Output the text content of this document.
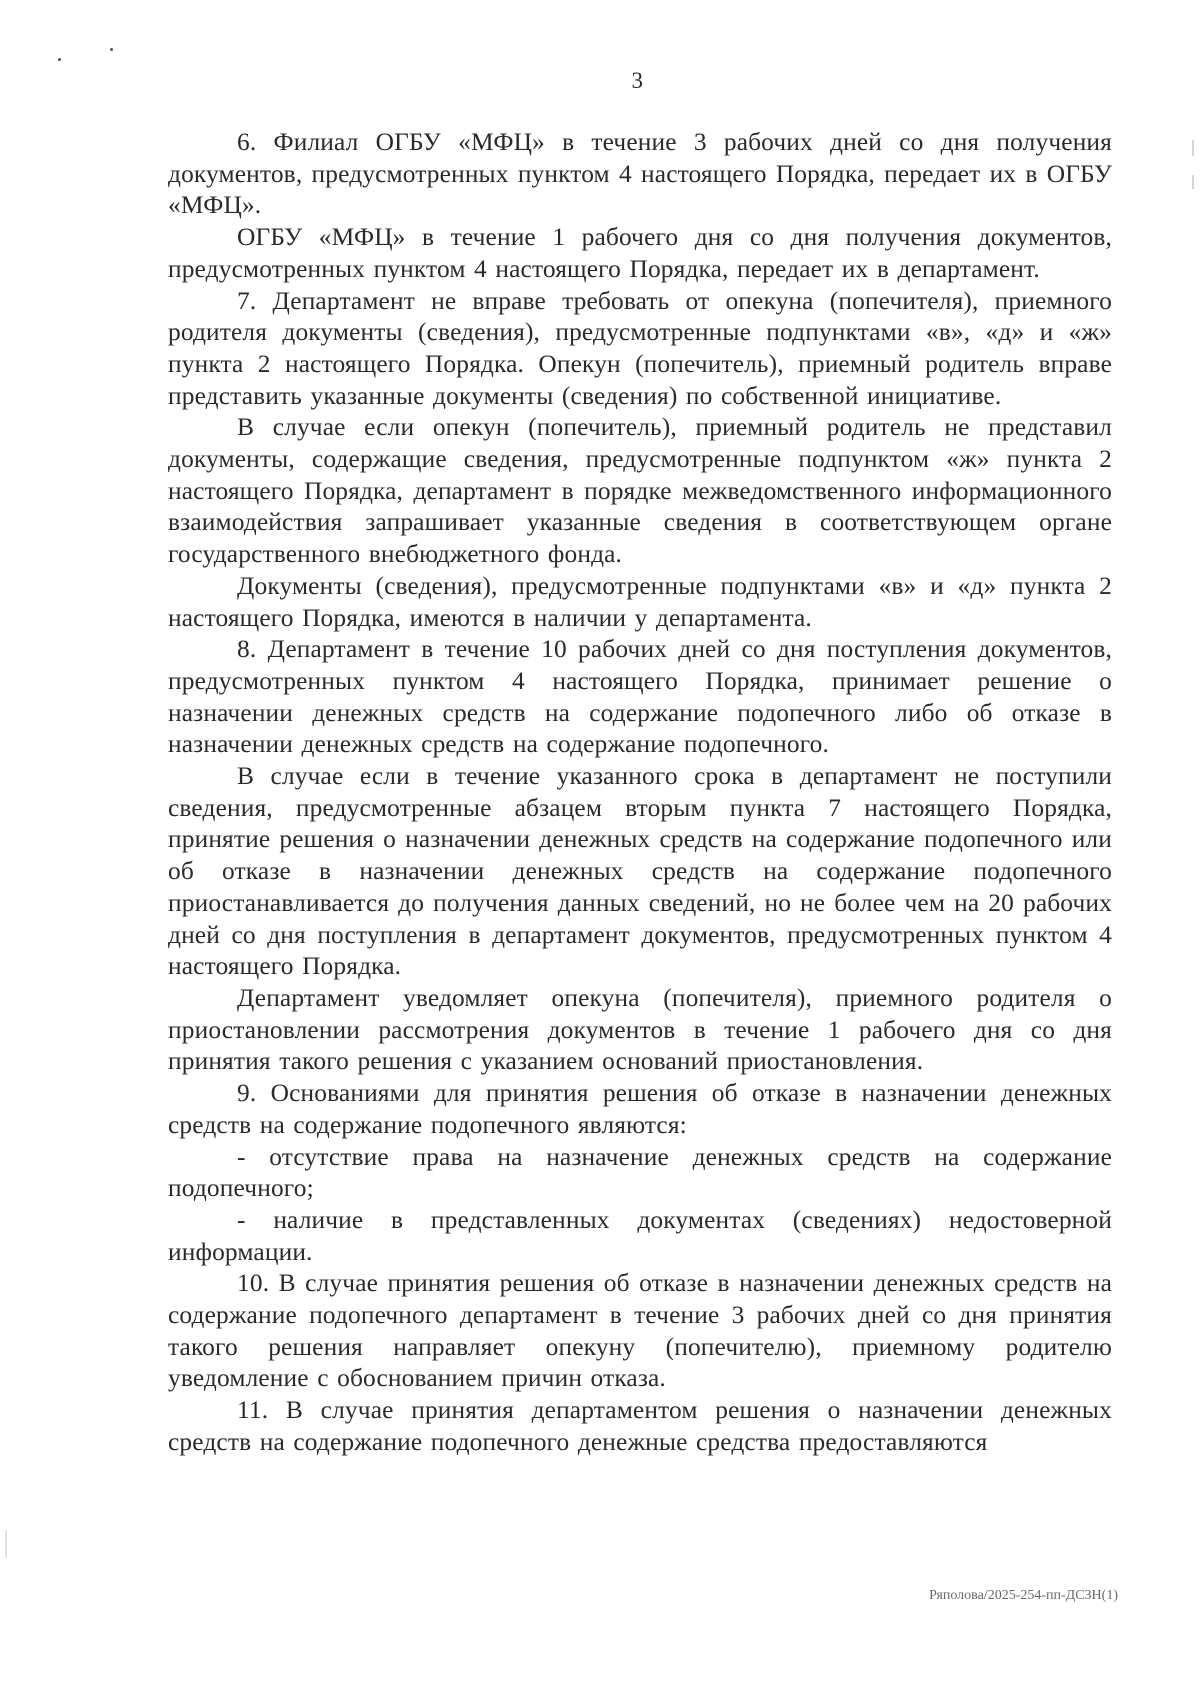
3

6. Филиал ОГБУ «МФЦ» в течение 3 рабочих дней со дня получения документов, предусмотренных пунктом 4 настоящего Порядка, передает их в ОГБУ «МФЦ».

ОГБУ «МФЦ» в течение 1 рабочего дня со дня получения документов, предусмотренных пунктом 4 настоящего Порядка, передает их в департамент.

7. Департамент не вправе требовать от опекуна (попечителя), приемного родителя документы (сведения), предусмотренные подпунктами «в», «д» и «ж» пункта 2 настоящего Порядка. Опекун (попечитель), приемный родитель вправе представить указанные документы (сведения) по собственной инициативе.

В случае если опекун (попечитель), приемный родитель не представил документы, содержащие сведения, предусмотренные подпунктом «ж» пункта 2 настоящего Порядка, департамент в порядке межведомственного информационного взаимодействия запрашивает указанные сведения в соответствующем органе государственного внебюджетного фонда.

Документы (сведения), предусмотренные подпунктами «в» и «д» пункта 2 настоящего Порядка, имеются в наличии у департамента.

8. Департамент в течение 10 рабочих дней со дня поступления документов, предусмотренных пунктом 4 настоящего Порядка, принимает решение о назначении денежных средств на содержание подопечного либо об отказе в назначении денежных средств на содержание подопечного.

В случае если в течение указанного срока в департамент не поступили сведения, предусмотренные абзацем вторым пункта 7 настоящего Порядка, принятие решения о назначении денежных средств на содержание подопечного или об отказе в назначении денежных средств на содержание подопечного приостанавливается до получения данных сведений, но не более чем на 20 рабочих дней со дня поступления в департамент документов, предусмотренных пунктом 4 настоящего Порядка.

Департамент уведомляет опекуна (попечителя), приемного родителя о приостановлении рассмотрения документов в течение 1 рабочего дня со дня принятия такого решения с указанием оснований приостановления.

9. Основаниями для принятия решения об отказе в назначении денежных средств на содержание подопечного являются:

- отсутствие права на назначение денежных средств на содержание подопечного;

- наличие в представленных документах (сведениях) недостоверной информации.

10. В случае принятия решения об отказе в назначении денежных средств на содержание подопечного департамент в течение 3 рабочих дней со дня принятия такого решения направляет опекуну (попечителю), приемному родителю уведомление с обоснованием причин отказа.

11. В случае принятия департаментом решения о назначении денежных средств на содержание подопечного денежные средства предоставляются

Ряполова/2025-254-пп-ДСЗН(1)
